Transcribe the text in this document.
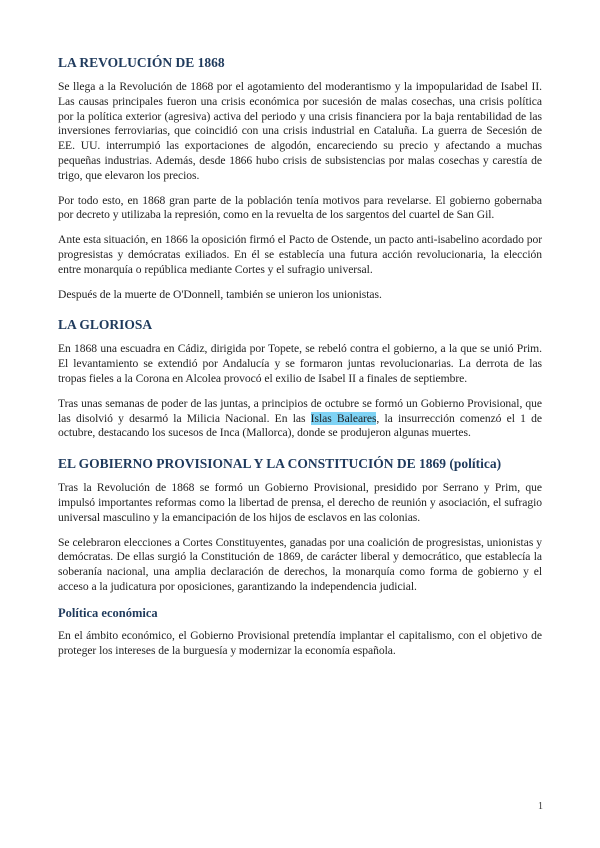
LA REVOLUCIÓN DE 1868

Se llega a la Revolución de 1868 por el agotamiento del moderantismo y la impopularidad de Isabel II. Las causas principales fueron una crisis económica por sucesión de malas cosechas, una crisis política por la política exterior (agresiva) activa del periodo y una crisis financiera por la baja rentabilidad de las inversiones ferroviarias, que coincidió con una crisis industrial en Cataluña. La guerra de Secesión de EE. UU. interrumpió las exportaciones de algodón, encareciendo su precio y afectando a muchas pequeñas industrias. Además, desde 1866 hubo crisis de subsistencias por malas cosechas y carestía de trigo, que elevaron los precios.

Por todo esto, en 1868 gran parte de la población tenía motivos para revelarse. El gobierno gobernaba por decreto y utilizaba la represión, como en la revuelta de los sargentos del cuartel de San Gil.

Ante esta situación, en 1866 la oposición firmó el Pacto de Ostende, un pacto anti-isabelino acordado por progresistas y demócratas exiliados. En él se establecía una futura acción revolucionaria, la elección entre monarquía o república mediante Cortes y el sufragio universal.

Después de la muerte de O'Donnell, también se unieron los unionistas.

LA GLORIOSA

En 1868 una escuadra en Cádiz, dirigida por Topete, se rebeló contra el gobierno, a la que se unió Prim. El levantamiento se extendió por Andalucía y se formaron juntas revolucionarias. La derrota de las tropas fieles a la Corona en Alcolea provocó el exilio de Isabel II a finales de septiembre.

Tras unas semanas de poder de las juntas, a principios de octubre se formó un Gobierno Provisional, que las disolvió y desarmó la Milicia Nacional. En las Islas Baleares, la insurrección comenzó el 1 de octubre, destacando los sucesos de Inca (Mallorca), donde se produjeron algunas muertes.

EL GOBIERNO PROVISIONAL Y LA CONSTITUCIÓN DE 1869 (política)

Tras la Revolución de 1868 se formó un Gobierno Provisional, presidido por Serrano y Prim, que impulsó importantes reformas como la libertad de prensa, el derecho de reunión y asociación, el sufragio universal masculino y la emancipación de los hijos de esclavos en las colonias.

Se celebraron elecciones a Cortes Constituyentes, ganadas por una coalición de progresistas, unionistas y demócratas. De ellas surgió la Constitución de 1869, de carácter liberal y democrático, que establecía la soberanía nacional, una amplia declaración de derechos, la monarquía como forma de gobierno y el acceso a la judicatura por oposiciones, garantizando la independencia judicial.

Política económica

En el ámbito económico, el Gobierno Provisional pretendía implantar el capitalismo, con el objetivo de proteger los intereses de la burguesía y modernizar la economía española.

1
